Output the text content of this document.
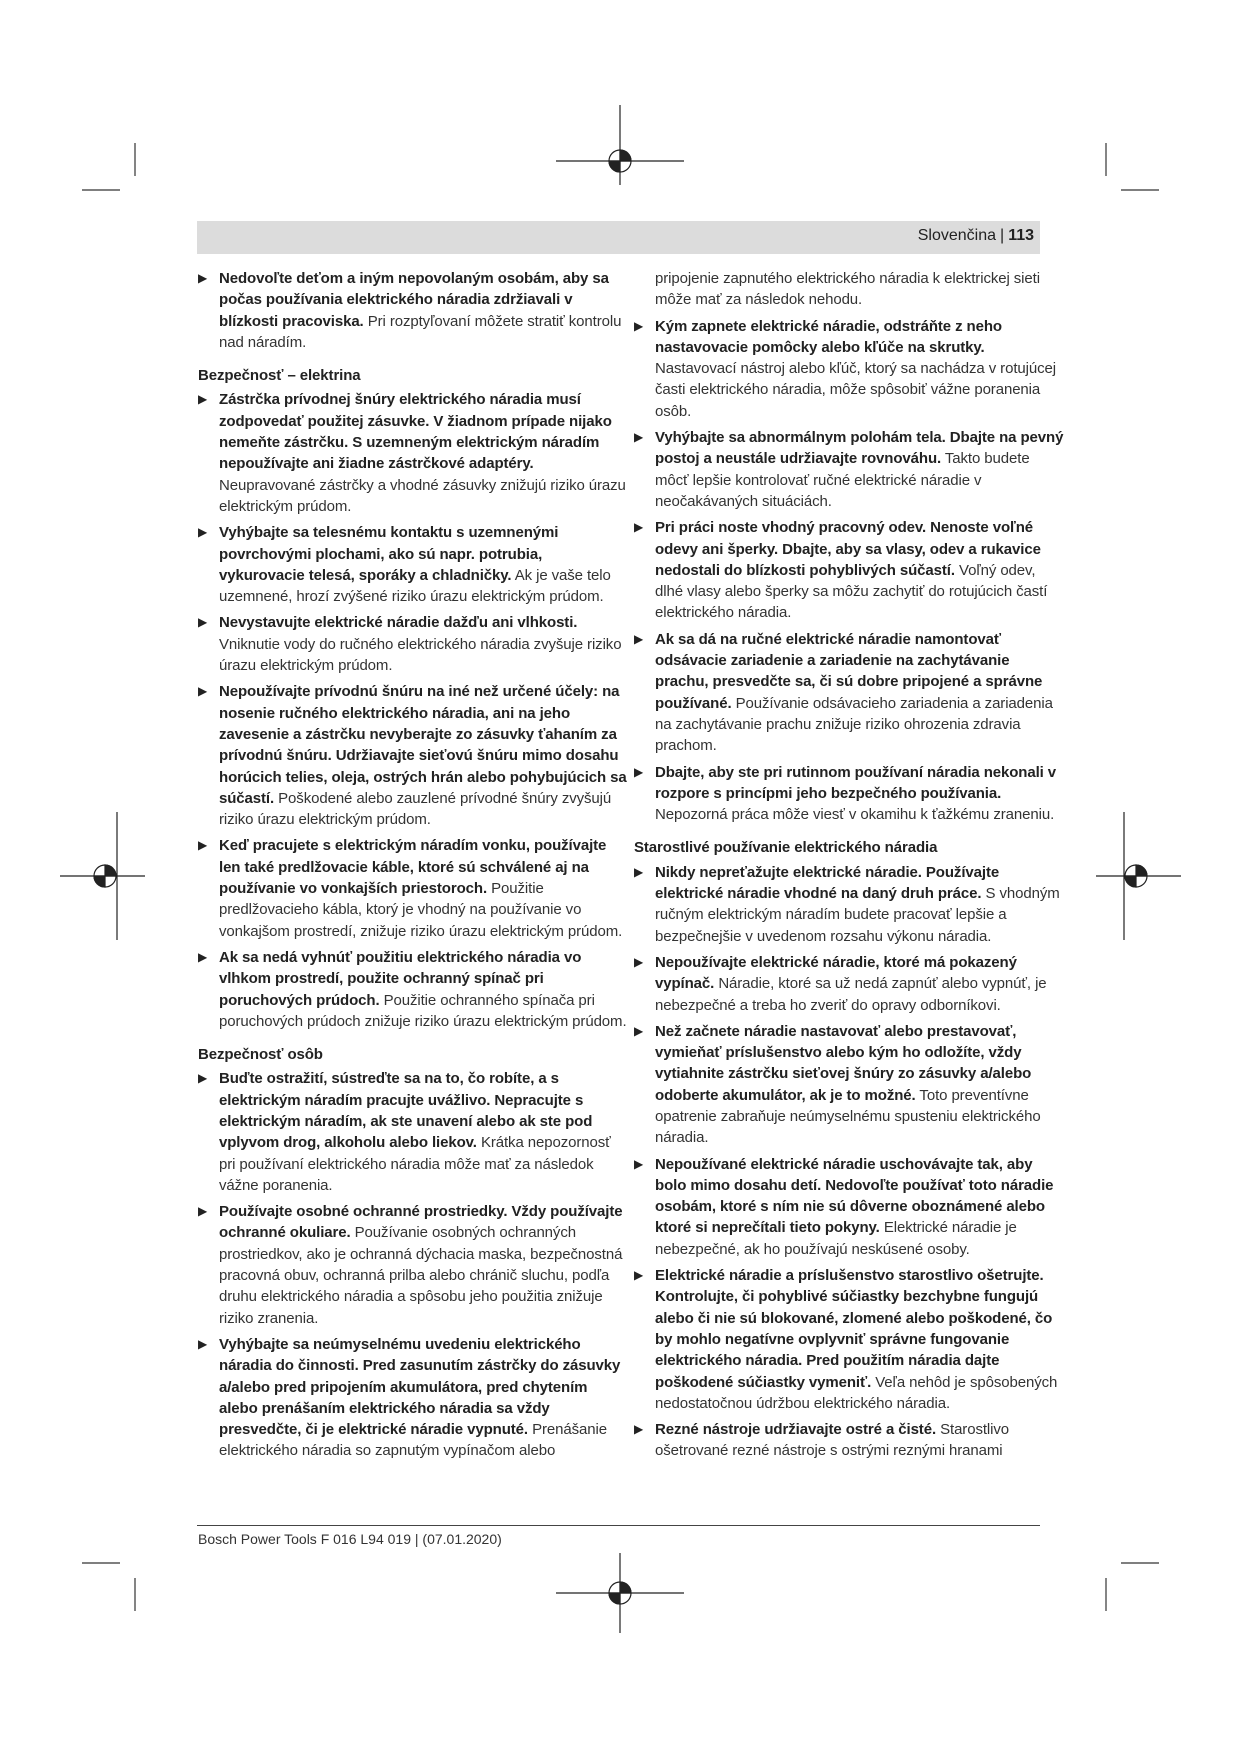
Slovenčina | 113
▶ Nedovoľte deťom a iným nepovolaným osobám, aby sa počas používania elektrického náradia zdržiavali v blízkosti pracoviska. Pri rozptyľovaní môžete stratiť kontrolu nad náradím.
Bezpečnosť – elektrina
▶ Zástrčka prívodnej šnúry elektrického náradia musí zodpovedať použitej zásuvke. V žiadnom prípade nijako nemeňte zástrčku. S uzemneným elektrickým náradím nepoužívajte ani žiadne zástrčkové adaptéry. Neupravované zástrčky a vhodné zásuvky znižujú riziko úrazu elektrickým prúdom.
▶ Vyhýbajte sa telesnému kontaktu s uzemnenými povrchovými plochami, ako sú napr. potrubia, vykurovacie telesá, sporáky a chladničky. Ak je vaše telo uzemnené, hrozí zvýšené riziko úrazu elektrickým prúdom.
▶ Nevystavujte elektrické náradie dažďu ani vlhkosti. Vniknutie vody do ručného elektrického náradia zvyšuje riziko úrazu elektrickým prúdom.
▶ Nepoužívajte prívodnú šnúru na iné než určené účely: na nosenie ručného elektrického náradia, ani na jeho zavesenie a zástrčku nevyberajte zo zásuvky ťahaním za prívodnú šnúru. Udržiavajte sieťovú šnúru mimo dosahu horúcich telies, oleja, ostrých hrán alebo pohybujúcich sa súčastí. Poškodené alebo zauzlené prívodné šnúry zvyšujú riziko úrazu elektrickým prúdom.
▶ Keď pracujete s elektrickým náradím vonku, používajte len také predlžovacie káble, ktoré sú schválené aj na používanie vo vonkajších priestoroch. Použitie predlžovacieho kábla, ktorý je vhodný na používanie vo vonkajšom prostredí, znižuje riziko úrazu elektrickým prúdom.
▶ Ak sa nedá vyhnúť použitiu elektrického náradia vo vlhkom prostredí, použite ochranný spínač pri poruchových prúdoch. Použitie ochranného spínača pri poruchových prúdoch znižuje riziko úrazu elektrickým prúdom.
Bezpečnosť osôb
▶ Buďte ostražití, sústreďte sa na to, čo robíte, a s elektrickým náradím pracujte uvážlivo. Nepracujte s elektrickým náradím, ak ste unavení alebo ak ste pod vplyvom drog, alkoholu alebo liekov. Krátka nepozornosť pri používaní elektrického náradia môže mať za následok vážne poranenia.
▶ Používajte osobné ochranné prostriedky. Vždy používajte ochranné okuliare. Používanie osobných ochranných prostriedkov, ako je ochranná dýchacia maska, bezpečnostná pracovná obuv, ochranná prilba alebo chránič sluchu, podľa druhu elektrického náradia a spôsobu jeho použitia znižuje riziko zranenia.
▶ Vyhýbajte sa neúmyselnému uvedeniu elektrického náradia do činnosti. Pred zasunutím zástrčky do zásuvky a/alebo pred pripojením akumulátora, pred chytením alebo prenášaním elektrického náradia sa vždy presvedčte, či je elektrické náradie vypnuté. Prenášanie elektrického náradia so zapnutým vypínačom alebo
pripojenie zapnutého elektrického náradia k elektrickej sieti môže mať za následok nehodu.
▶ Kým zapnete elektrické náradie, odstráňte z neho nastavovacie pomôcky alebo kľúče na skrutky. Nastavovací nástroj alebo kľúč, ktorý sa nachádza v rotujúcej časti elektrického náradia, môže spôsobiť vážne poranenia osôb.
▶ Vyhýbajte sa abnormálnym polohám tela. Dbajte na pevný postoj a neustále udržiavajte rovnováhu. Takto budete môcť lepšie kontrolovať ručné elektrické náradie v neočakávaných situáciách.
▶ Pri práci noste vhodný pracovný odev. Nenoste voľné odevy ani šperky. Dbajte, aby sa vlasy, odev a rukavice nedostali do blízkosti pohyblivých súčastí. Voľný odev, dlhé vlasy alebo šperky sa môžu zachytiť do rotujúcich častí elektrického náradia.
▶ Ak sa dá na ručné elektrické náradie namontovať odsávacie zariadenie a zariadenie na zachytávanie prachu, presvedčte sa, či sú dobre pripojené a správne používané. Používanie odsávacieho zariadenia a zariadenia na zachytávanie prachu znižuje riziko ohrozenia zdravia prachom.
▶ Dbajte, aby ste pri rutinnom používaní náradia nekonali v rozpore s princípmi jeho bezpečného používania. Nepozorná práca môže viesť v okamihu k ťažkému zraneniu.
Starostlivé používanie elektrického náradia
▶ Nikdy nepreťažujte elektrické náradie. Používajte elektrické náradie vhodné na daný druh práce. S vhodným ručným elektrickým náradím budete pracovať lepšie a bezpečnejšie v uvedenom rozsahu výkonu náradia.
▶ Nepoužívajte elektrické náradie, ktoré má pokazený vypínač. Náradie, ktoré sa už nedá zapnúť alebo vypnúť, je nebezpečné a treba ho zveriť do opravy odborníkovi.
▶ Než začnete náradie nastavovať alebo prestavovať, vymieňať príslušenstvo alebo kým ho odložíte, vždy vytiahnite zástrčku sieťovej šnúry zo zásuvky a/alebo odoberte akumulátor, ak je to možné. Toto preventívne opatrenie zabraňuje neúmyselnému spusteniu elektrického náradia.
▶ Nepoužívané elektrické náradie uschovávajte tak, aby bolo mimo dosahu detí. Nedovoľte používať toto náradie osobám, ktoré s ním nie sú dôverne oboznámené alebo ktoré si neprečítali tieto pokyny. Elektrické náradie je nebezpečné, ak ho používajú neskúsené osoby.
▶ Elektrické náradie a príslušenstvo starostlivo ošetrujte. Kontrolujte, či pohyblivé súčiastky bezchybne fungujú alebo či nie sú blokované, zlomené alebo poškodené, čo by mohlo negatívne ovplyvniť správne fungovanie elektrického náradia. Pred použitím náradia dajte poškodené súčiastky vymeniť. Veľa nehôd je spôsobených nedostatočnou údržbou elektrického náradia.
▶ Rezné nástroje udržiavajte ostré a čisté. Starostlivo ošetrované rezné nástroje s ostrými reznými hranami
Bosch Power Tools F 016 L94 019 | (07.01.2020)
